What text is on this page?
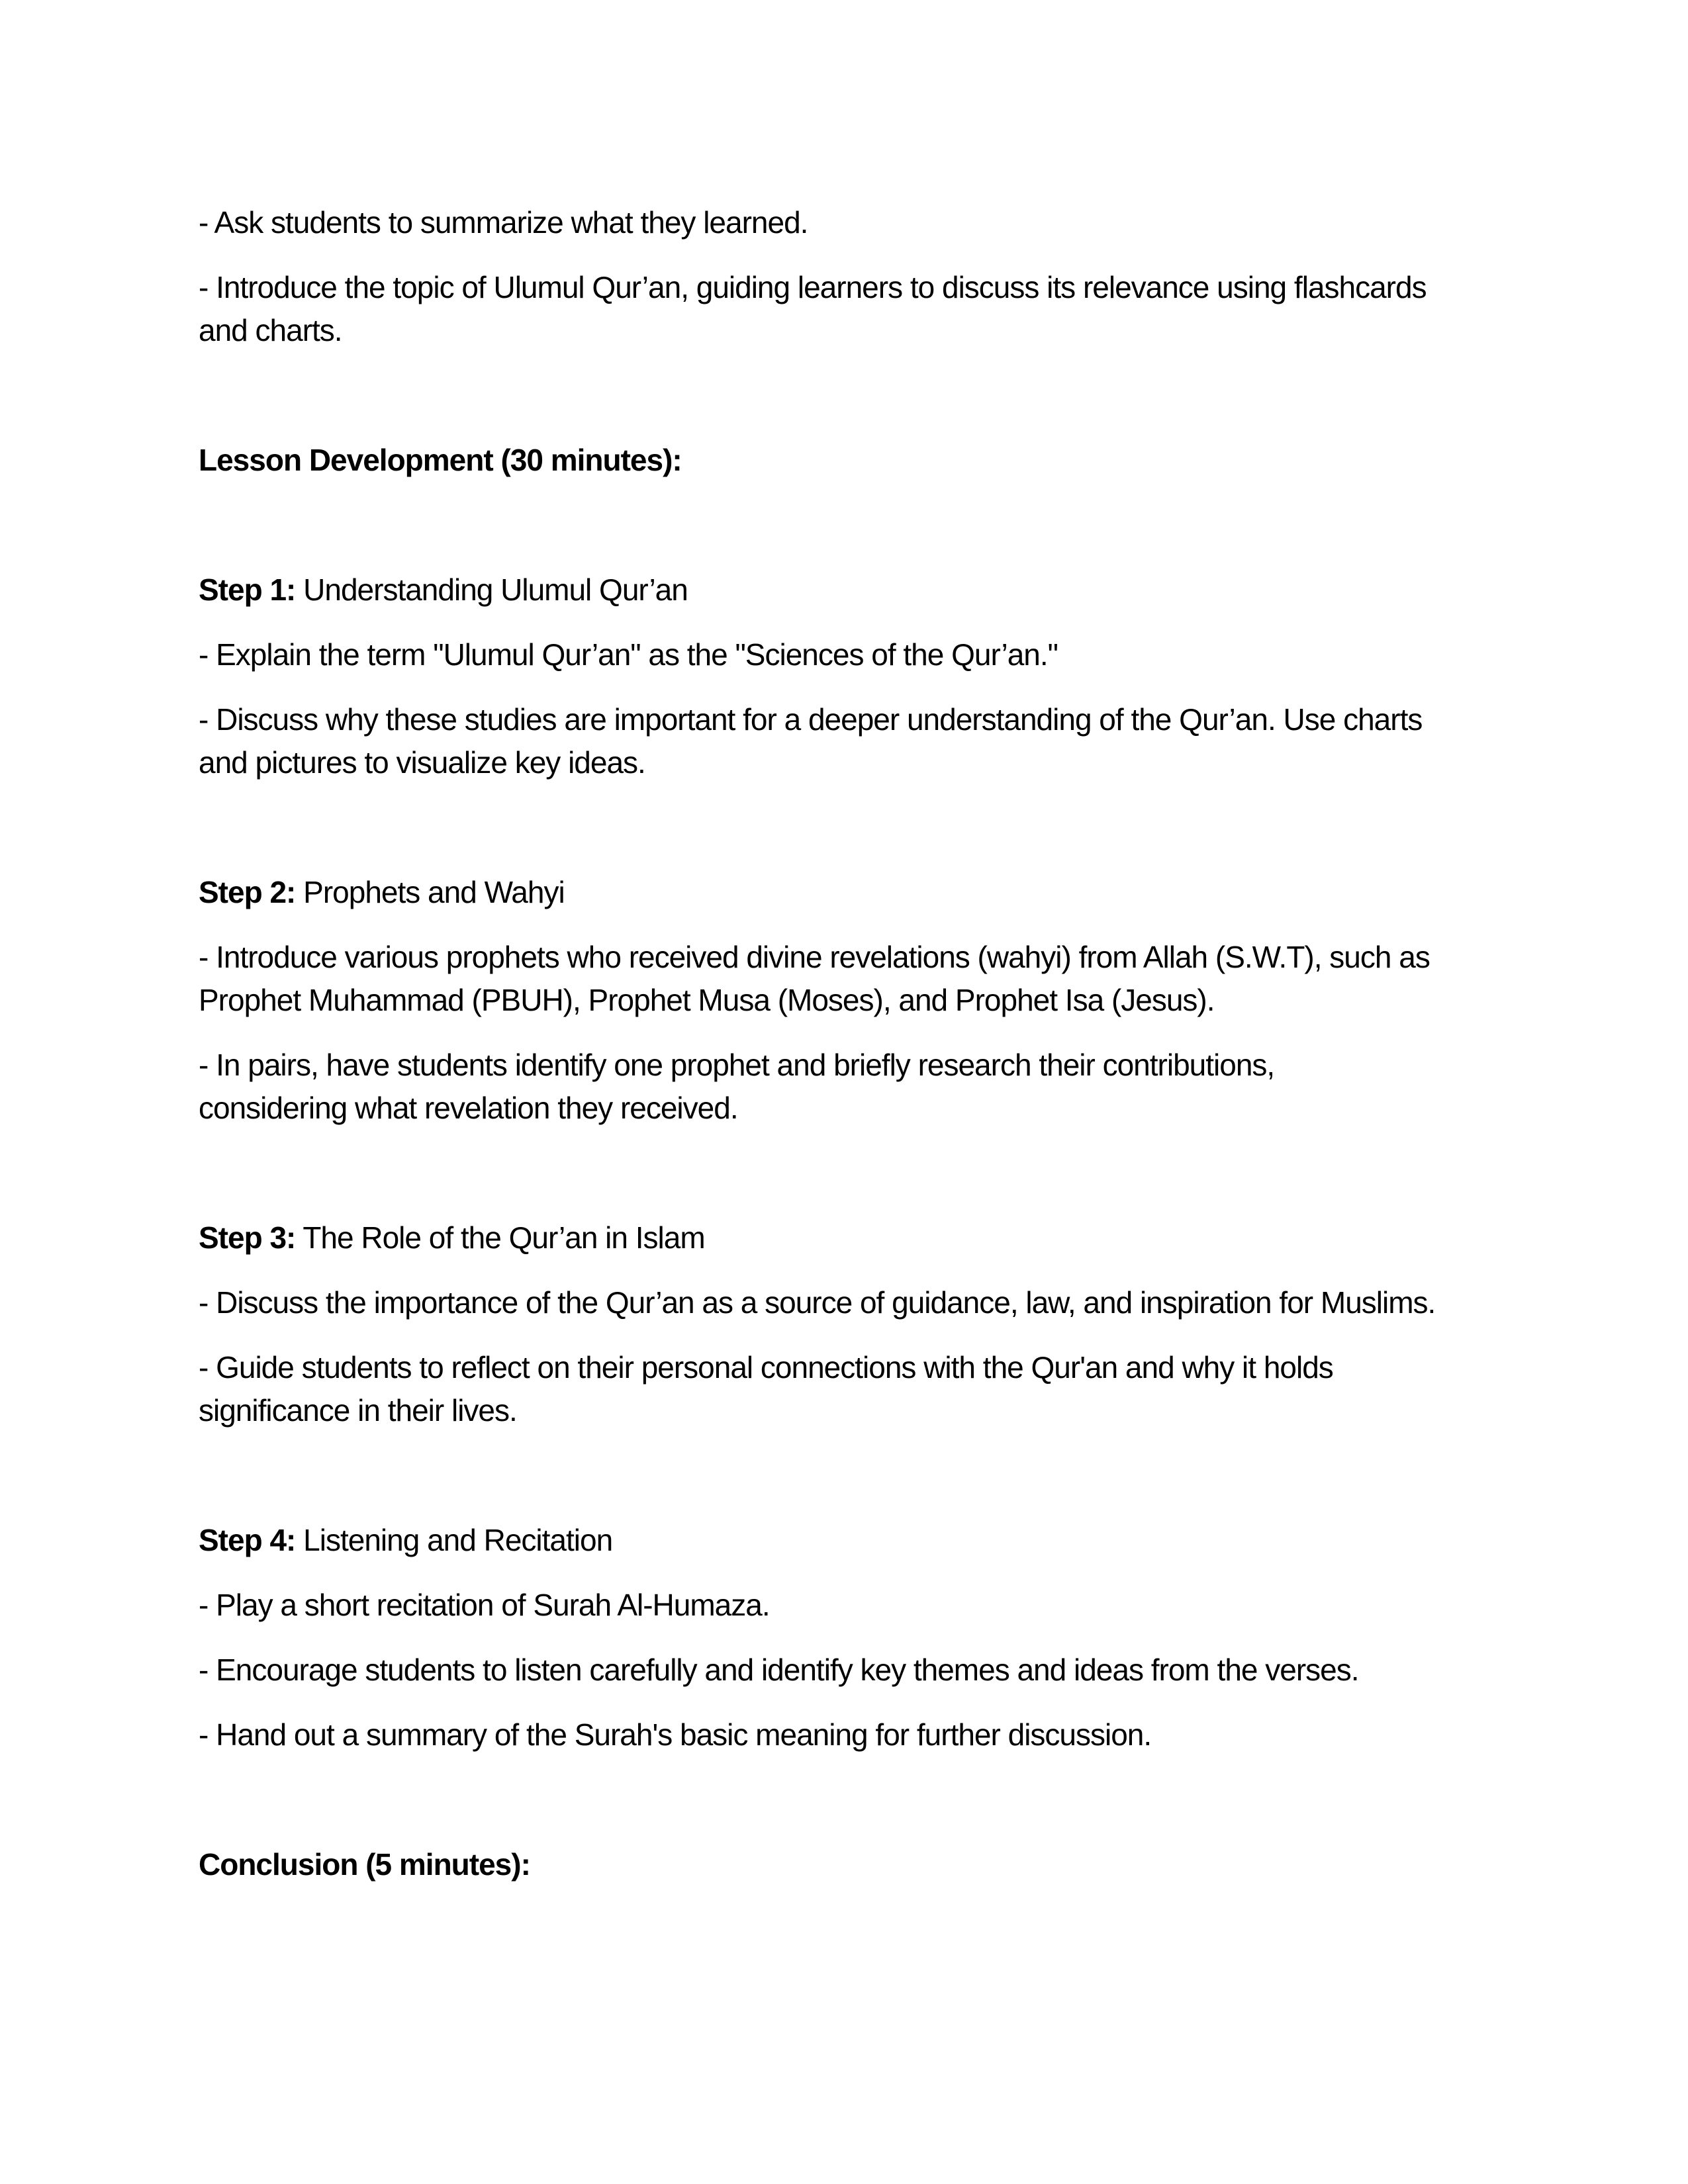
- Ask students to summarize what they learned.
- Introduce the topic of Ulumul Qur’an, guiding learners to discuss its relevance using flashcards
and charts.
Lesson Development (30 minutes):
Step 1: Understanding Ulumul Qur’an
- Explain the term "Ulumul Qur’an" as the "Sciences of the Qur’an."
- Discuss why these studies are important for a deeper understanding of the Qur’an. Use charts
and pictures to visualize key ideas.
Step 2: Prophets and Wahyi
- Introduce various prophets who received divine revelations (wahyi) from Allah (S.W.T), such as
Prophet Muhammad (PBUH), Prophet Musa (Moses), and Prophet Isa (Jesus).
- In pairs, have students identify one prophet and briefly research their contributions,
considering what revelation they received.
Step 3: The Role of the Qur’an in Islam
- Discuss the importance of the Qur’an as a source of guidance, law, and inspiration for Muslims.
- Guide students to reflect on their personal connections with the Qur'an and why it holds
significance in their lives.
Step 4: Listening and Recitation
- Play a short recitation of Surah Al-Humaza.
- Encourage students to listen carefully and identify key themes and ideas from the verses.
- Hand out a summary of the Surah's basic meaning for further discussion.
Conclusion (5 minutes):
